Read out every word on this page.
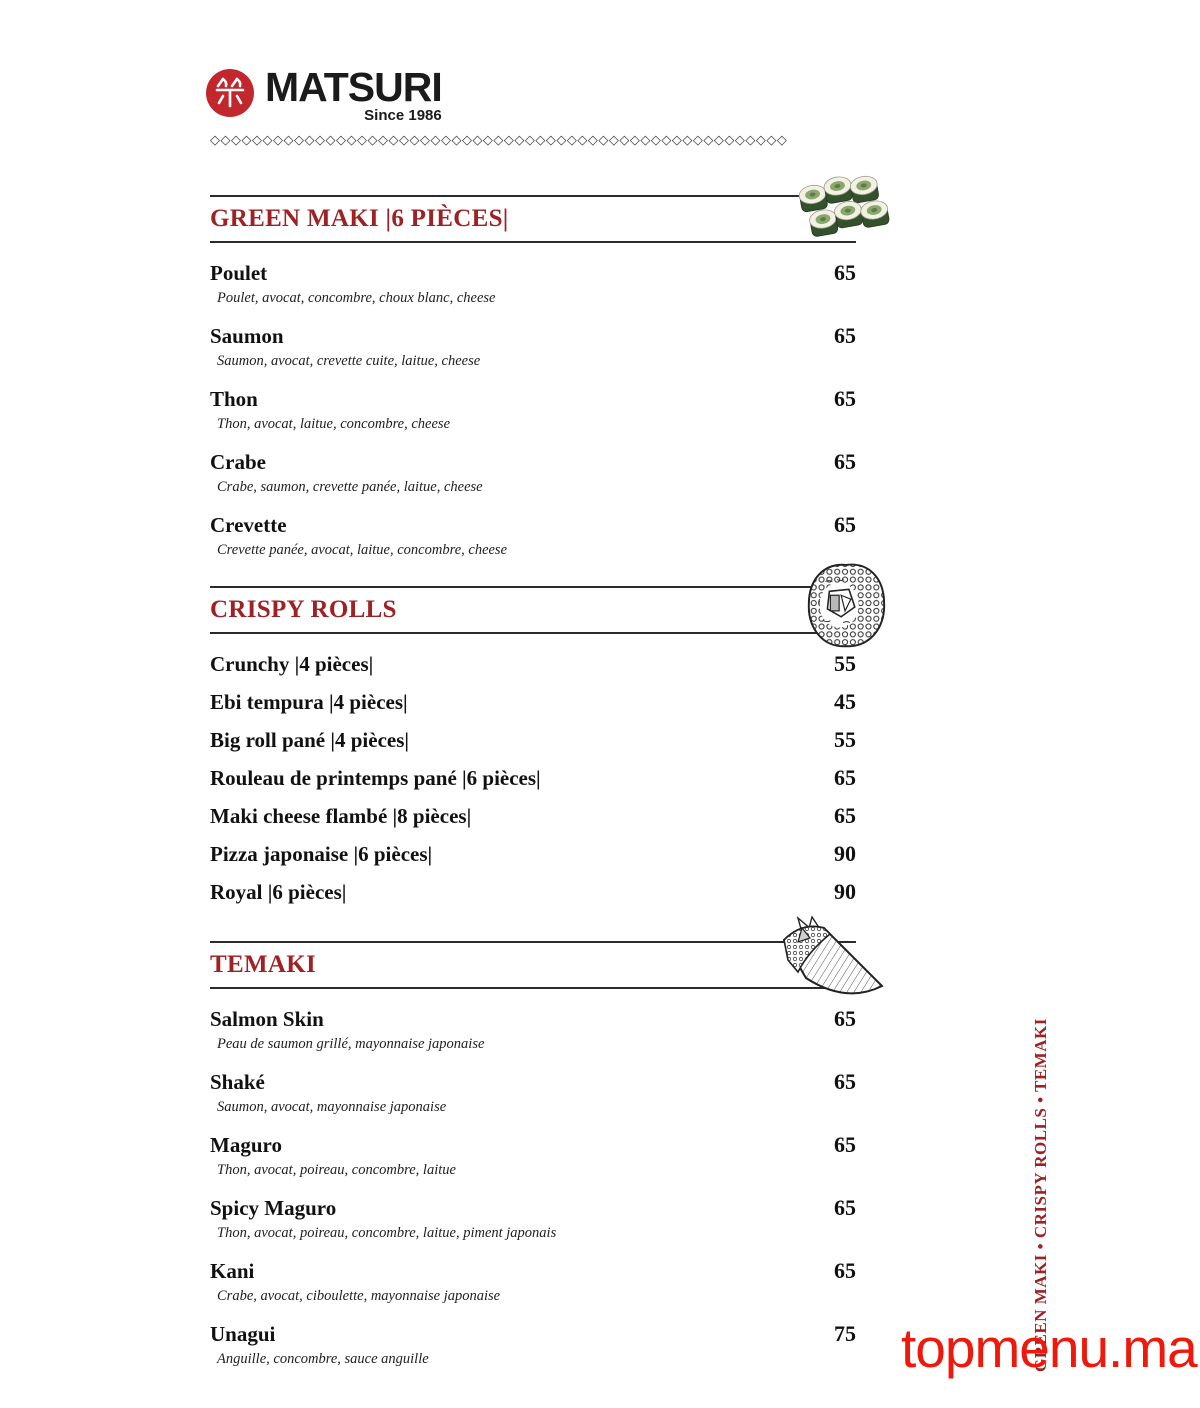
MATSURI
Since 1986
◇◇◇◇◇◇◇◇◇◇◇◇◇◇◇◇◇◇◇◇◇◇◇◇◇◇◇◇◇◇◇◇◇◇◇◇◇◇◇◇◇◇◇◇◇◇◇◇◇◇◇◇◇◇◇
GREEN MAKI |6 PIÈCES|
Poulet	65
Poulet, avocat, concombre, choux blanc, cheese
Saumon	65
Saumon, avocat, crevette cuite, laitue, cheese
Thon	65
Thon, avocat, laitue, concombre, cheese
Crabe	65
Crabe, saumon, crevette panée, laitue, cheese
Crevette	65
Crevette panée, avocat, laitue, concombre, cheese
CRISPY ROLLS
Crunchy |4 pièces|	55
Ebi tempura |4 pièces|	45
Big roll pané |4 pièces|	55
Rouleau de printemps pané |6 pièces|	65
Maki cheese flambé |8 pièces|	65
Pizza japonaise |6 pièces|	90
Royal |6 pièces|	90
TEMAKI
Salmon Skin	65
Peau de saumon grillé, mayonnaise japonaise
Shaké	65
Saumon, avocat, mayonnaise japonaise
Maguro	65
Thon, avocat, poireau, concombre, laitue
Spicy Maguro	65
Thon, avocat, poireau, concombre, laitue, piment japonais
Kani	65
Crabe, avocat, ciboulette, mayonnaise japonaise
Unagui	75
Anguille, concombre, sauce anguille	GREEN MAKI • CRISPY ROLLS • TEMAKI
topmenu.ma
